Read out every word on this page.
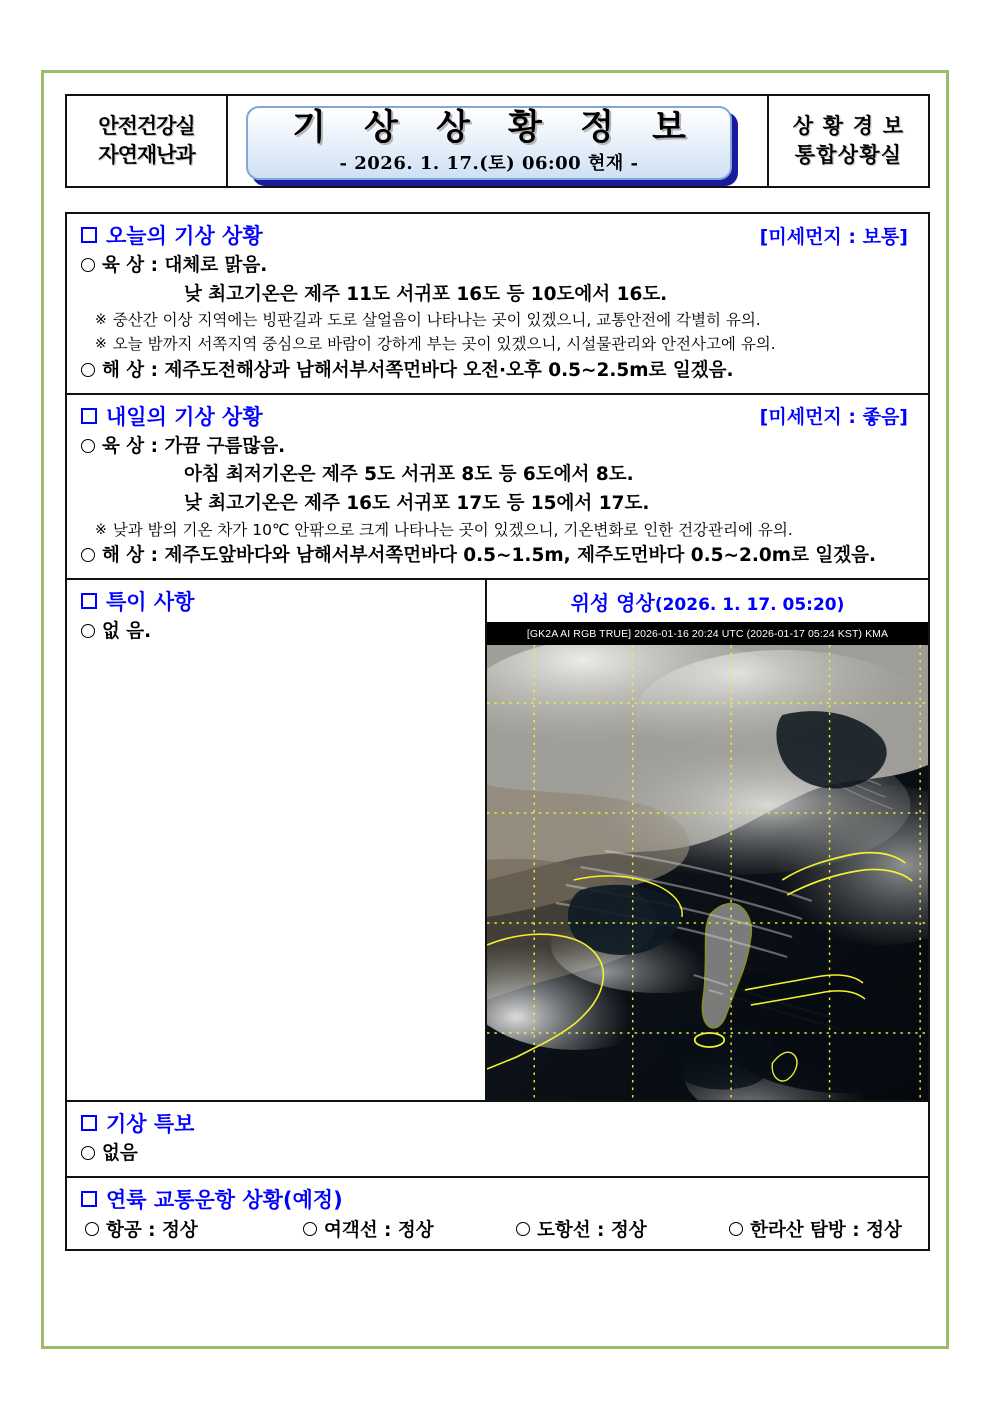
안전건강실
자연재난과
기 상 상 황 정 보
- 2026. 1. 17.(토) 06:00 현재 -
상 황 경 보
통합상황실
오늘의 기상 상황	[미세먼지 : 보통]
육 상 : 대체로 맑음.
낮 최고기온은 제주 11도 서귀포 16도 등 10도에서 16도.
※ 중산간 이상 지역에는 빙판길과 도로 살얼음이 나타나는 곳이 있겠으니, 교통안전에 각별히 유의.
※ 오늘 밤까지 서쪽지역 중심으로 바람이 강하게 부는 곳이 있겠으니, 시설물관리와 안전사고에 유의.
해 상 : 제주도전해상과 남해서부서쪽먼바다 오전·오후 0.5~2.5m로 일겠음.
내일의 기상 상황	[미세먼지 : 좋음]
육 상 : 가끔 구름많음.
아침 최저기온은 제주 5도 서귀포 8도 등 6도에서 8도.
낮 최고기온은 제주 16도 서귀포 17도 등 15에서 17도.
※ 낮과 밤의 기온 차가 10℃ 안팎으로 크게 나타나는 곳이 있겠으니, 기온변화로 인한 건강관리에 유의.
해 상 : 제주도앞바다와 남해서부서쪽먼바다 0.5~1.5m, 제주도먼바다 0.5~2.0m로 일겠음.
특이 사항
없 음.
위성 영상(2026. 1. 17. 05:20)
[GK2A AI RGB TRUE] 2026-01-16 20:24 UTC (2026-01-17 05:24 KST) KMA
기상 특보
없음
연륙 교통운항 상황(예정)
항공 : 정상	여객선 : 정상	도항선 : 정상	한라산 탐방 : 정상
